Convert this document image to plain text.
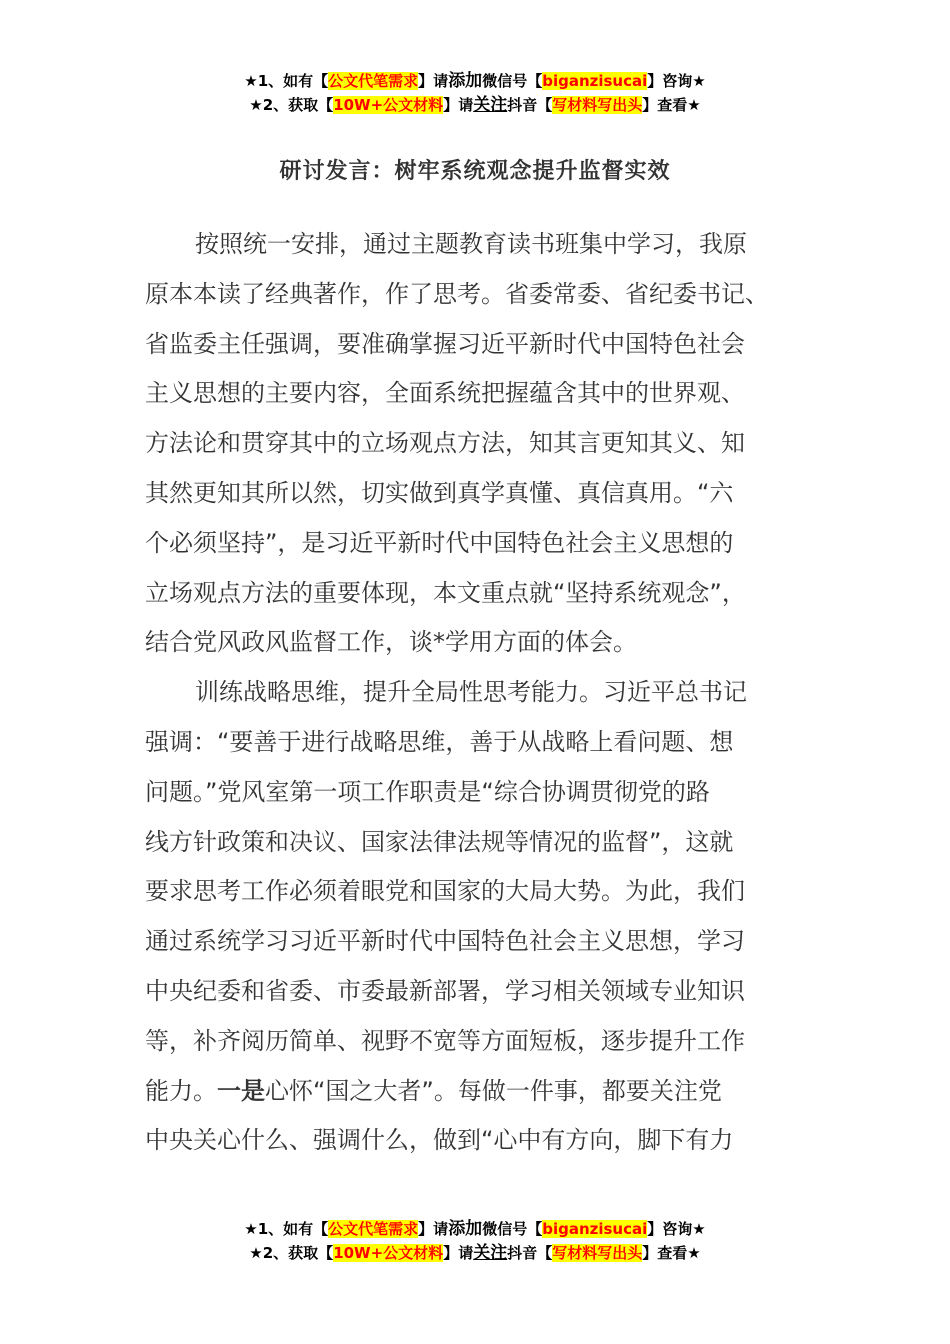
★1、如有【公文代笔需求】请添加微信号【biganzisucai】咨询★
★2、获取【10W+公文材料】请关注抖音【写材料写出头】查看★
研讨发言：树牢系统观念提升监督实效

按照统一安排，通过主题教育读书班集中学习，我原
原本本读了经典著作，作了思考。省委常委、省纪委书记、
省监委主任强调，要准确掌握习近平新时代中国特色社会
主义思想的主要内容，全面系统把握蕴含其中的世界观、
方法论和贯穿其中的立场观点方法，知其言更知其义、知
其然更知其所以然，切实做到真学真懂、真信真用。“六
个必须坚持”，是习近平新时代中国特色社会主义思想的
立场观点方法的重要体现，本文重点就“坚持系统观念”，
结合党风政风监督工作，谈*学用方面的体会。

训练战略思维，提升全局性思考能力。习近平总书记
强调：“要善于进行战略思维，善于从战略上看问题、想
问题。”党风室第一项工作职责是“综合协调贯彻党的路
线方针政策和决议、国家法律法规等情况的监督”，这就
要求思考工作必须着眼党和国家的大局大势。为此，我们
通过系统学习习近平新时代中国特色社会主义思想，学习
中央纪委和省委、市委最新部署，学习相关领域专业知识
等，补齐阅历简单、视野不宽等方面短板，逐步提升工作
能力。一是心怀“国之大者”。每做一件事，都要关注党
中央关心什么、强调什么，做到“心中有方向，脚下有力

★1、如有【公文代笔需求】请添加微信号【biganzisucai】咨询★
★2、获取【10W+公文材料】请关注抖音【写材料写出头】查看★
